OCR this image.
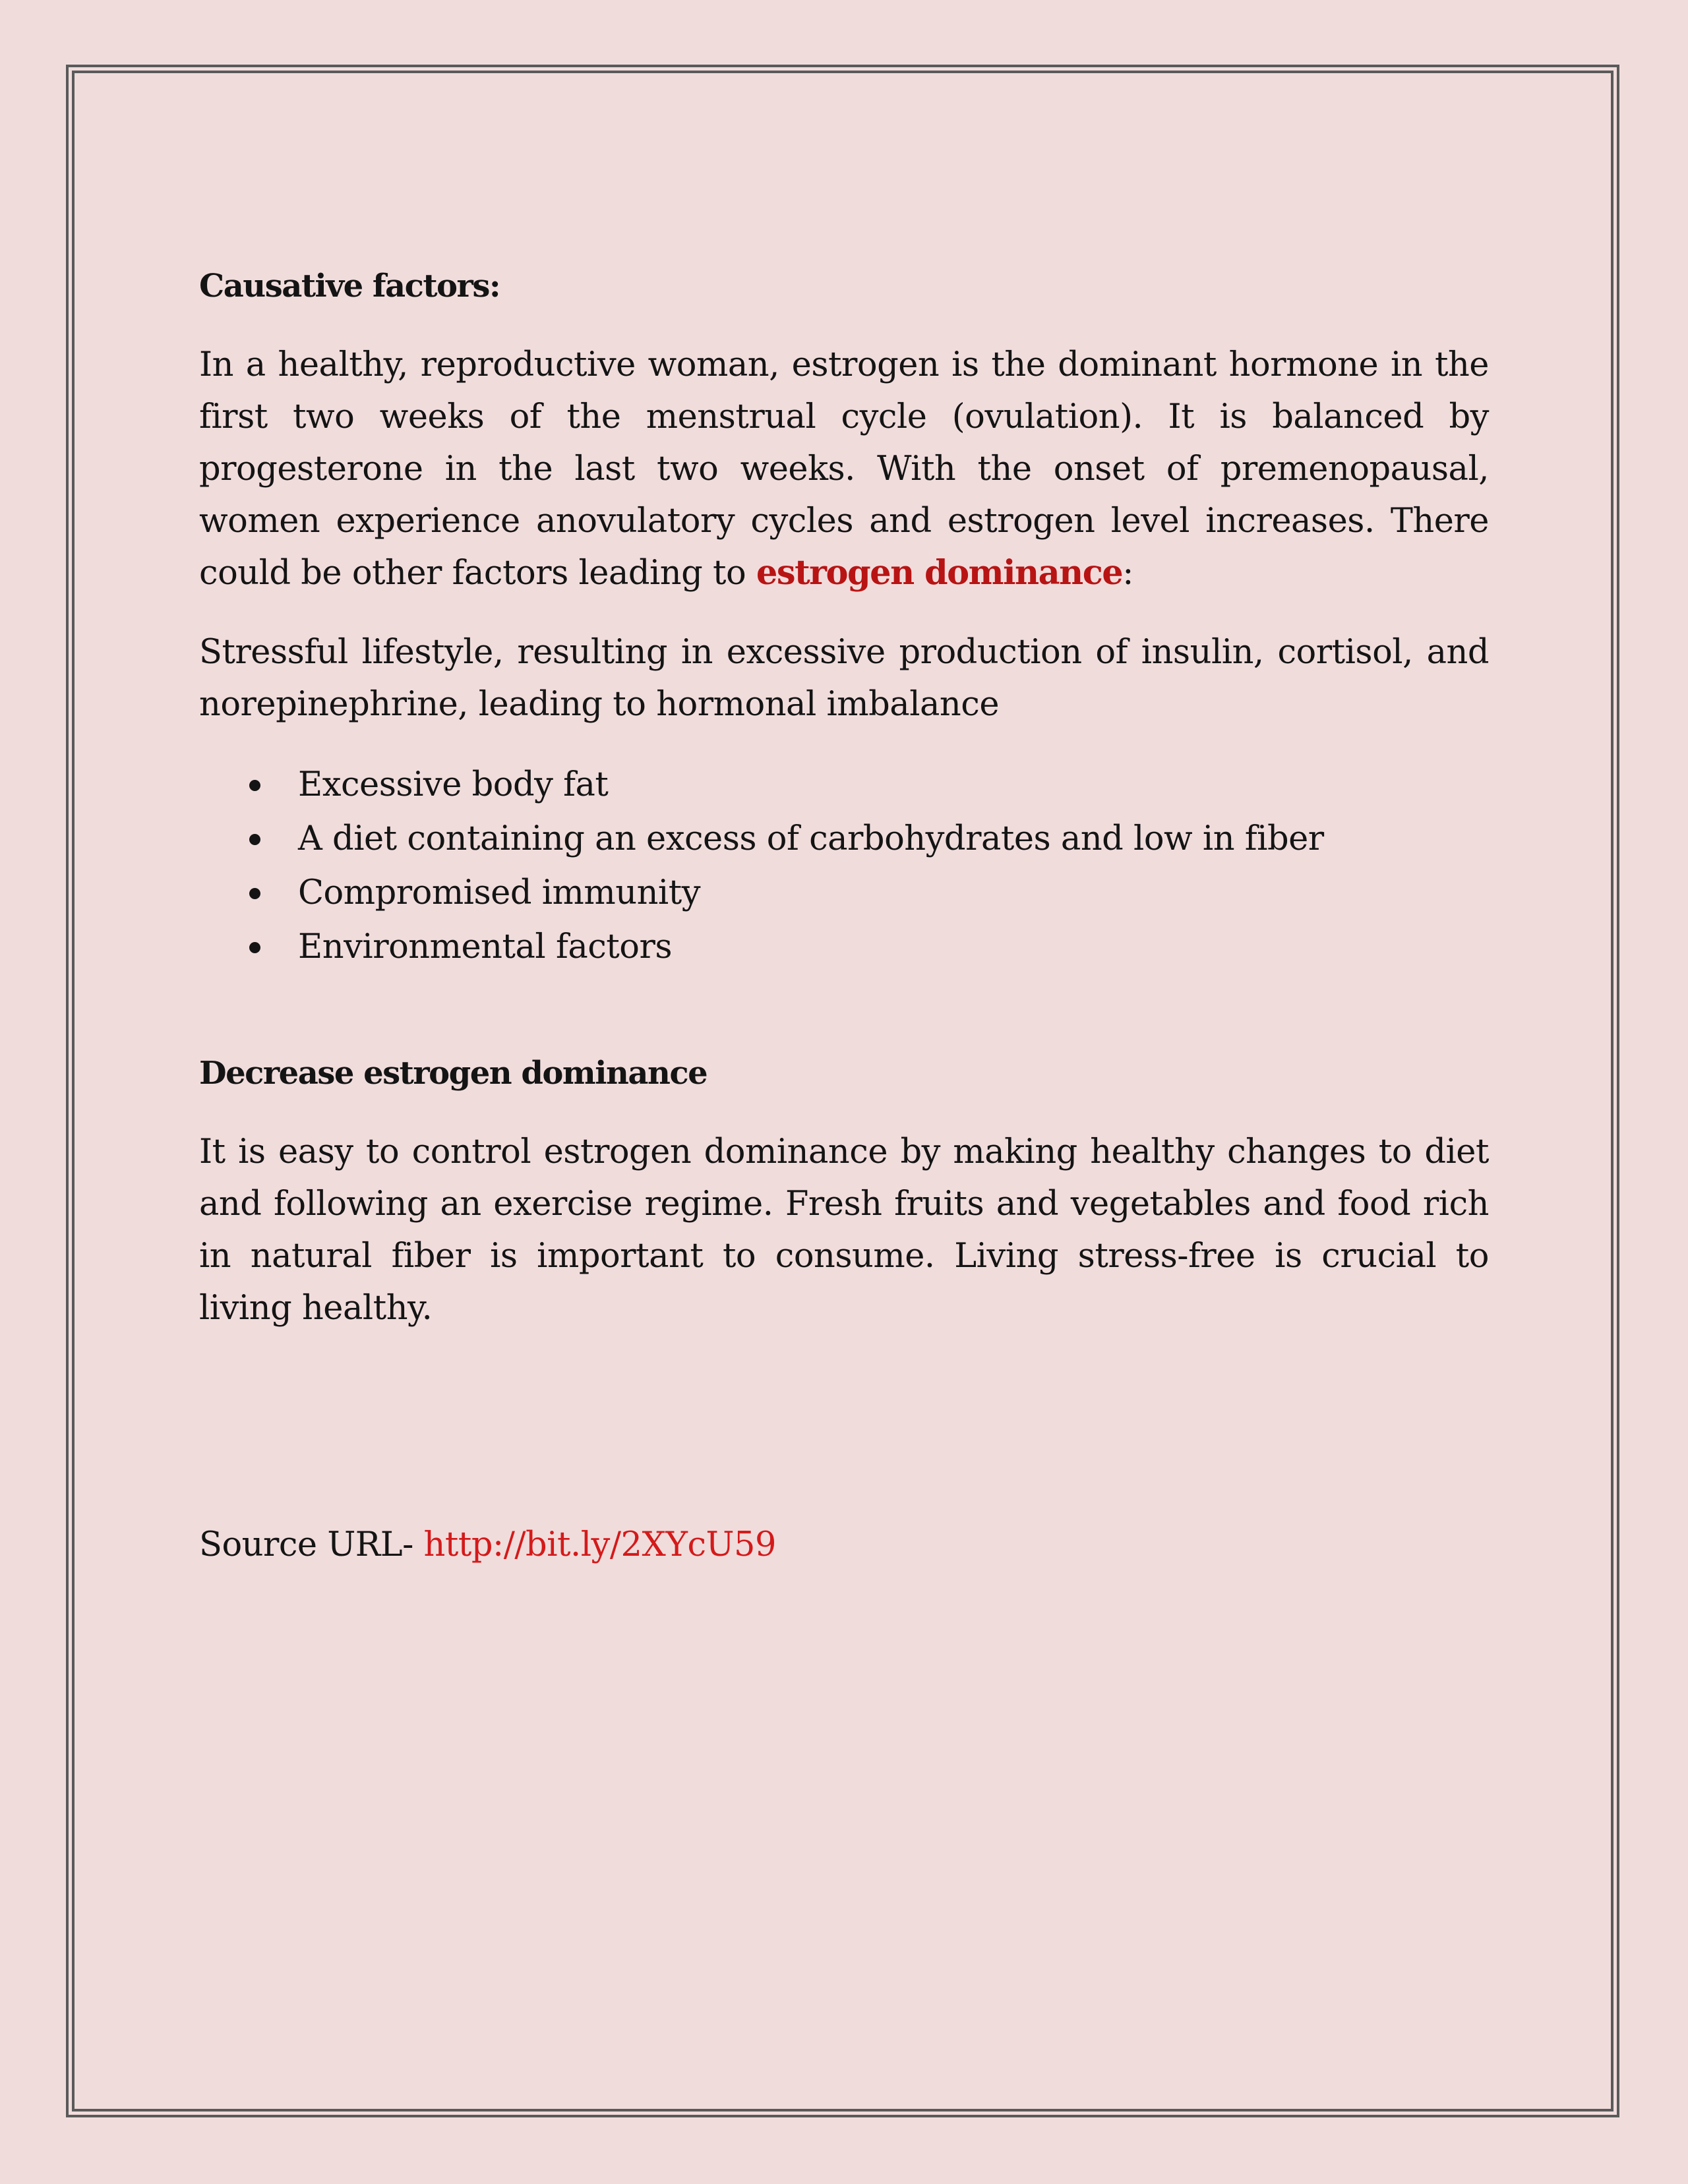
Causative factors:

In a healthy, reproductive woman, estrogen is the dominant hormone in the first two weeks of the menstrual cycle (ovulation). It is balanced by progesterone in the last two weeks. With the onset of premenopausal, women experience anovulatory cycles and estrogen level increases. There could be other factors leading to estrogen dominance:

Stressful lifestyle, resulting in excessive production of insulin, cortisol, and norepinephrine, leading to hormonal imbalance

Excessive body fat
A diet containing an excess of carbohydrates and low in fiber
Compromised immunity
Environmental factors
Decrease estrogen dominance

It is easy to control estrogen dominance by making healthy changes to diet and following an exercise regime. Fresh fruits and vegetables and food rich in natural fiber is important to consume. Living stress-free is crucial to living healthy.

Source URL- http://bit.ly/2XYcU59
